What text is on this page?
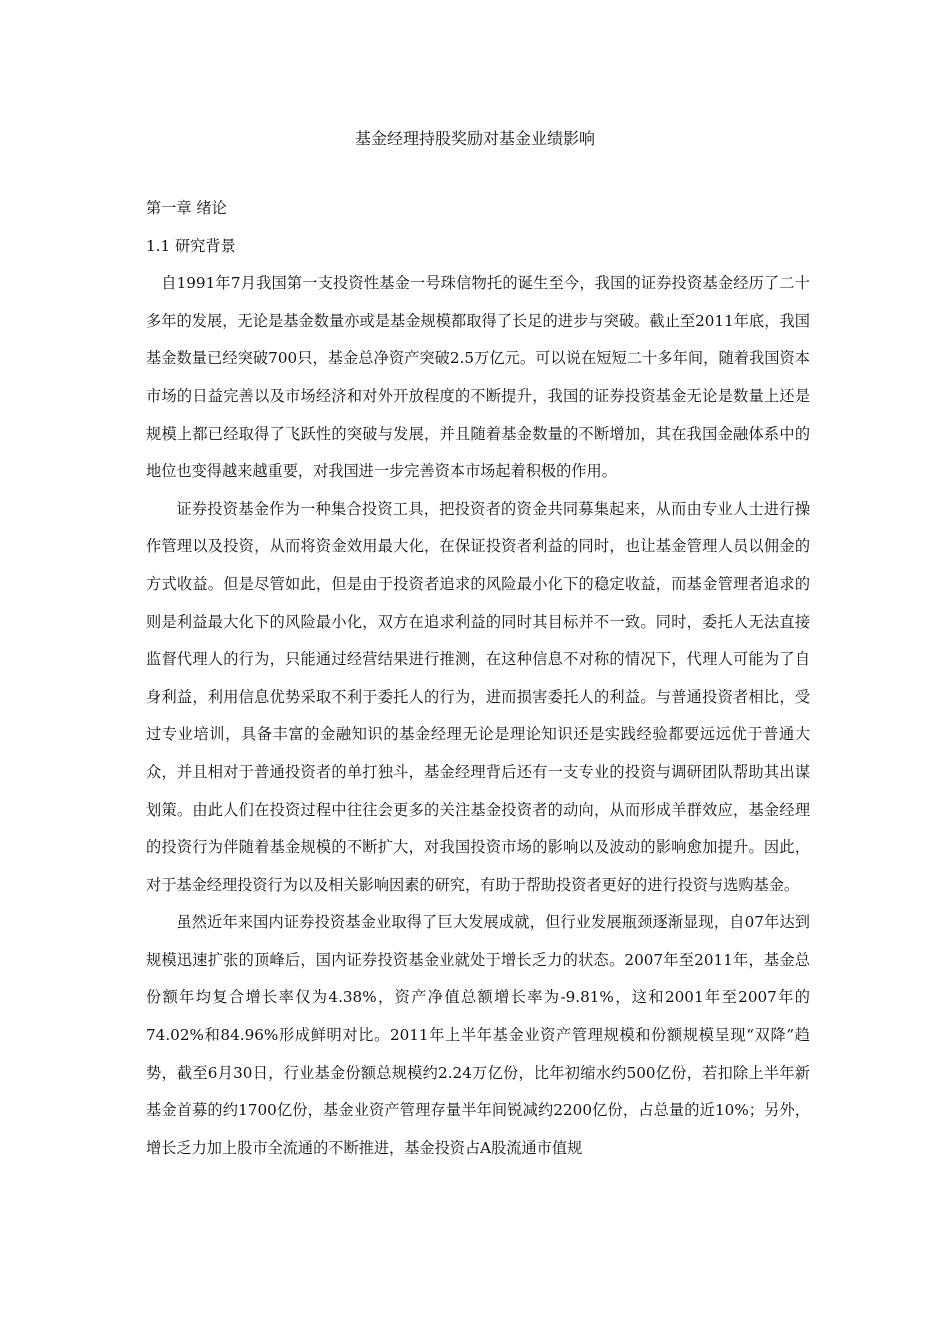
基金经理持股奖励对基金业绩影响
第一章 绪论
1.1 研究背景

自1991年7月我国第一支投资性基金一号珠信物托的诞生至今，我国的证券投资基金经历了二十多年的发展，无论是基金数量亦或是基金规模都取得了长足的进步与突破。截止至2011年底，我国基金数量已经突破700只，基金总净资产突破2.5万亿元。可以说在短短二十多年间，随着我国资本市场的日益完善以及市场经济和对外开放程度的不断提升，我国的证券投资基金无论是数量上还是规模上都已经取得了飞跃性的突破与发展，并且随着基金数量的不断增加，其在我国金融体系中的地位也变得越来越重要，对我国进一步完善资本市场起着积极的作用。

证券投资基金作为一种集合投资工具，把投资者的资金共同募集起来，从而由专业人士进行操作管理以及投资，从而将资金效用最大化，在保证投资者利益的同时，也让基金管理人员以佣金的方式收益。但是尽管如此，但是由于投资者追求的风险最小化下的稳定收益，而基金管理者追求的则是利益最大化下的风险最小化，双方在追求利益的同时其目标并不一致。同时，委托人无法直接监督代理人的行为，只能通过经营结果进行推测，在这种信息不对称的情况下，代理人可能为了自身利益，利用信息优势采取不利于委托人的行为，进而损害委托人的利益。与普通投资者相比，受过专业培训，具备丰富的金融知识的基金经理无论是理论知识还是实践经验都要远远优于普通大众，并且相对于普通投资者的单打独斗，基金经理背后还有一支专业的投资与调研团队帮助其出谋划策。由此人们在投资过程中往往会更多的关注基金投资者的动向，从而形成羊群效应，基金经理的投资行为伴随着基金规模的不断扩大，对我国投资市场的影响以及波动的影响愈加提升。因此，对于基金经理投资行为以及相关影响因素的研究，有助于帮助投资者更好的进行投资与选购基金。

虽然近年来国内证券投资基金业取得了巨大发展成就，但行业发展瓶颈逐渐显现，自07年达到规模迅速扩张的顶峰后，国内证券投资基金业就处于增长乏力的状态。2007年至2011年，基金总份额年均复合增长率仅为4.38%，资产净值总额增长率为-9.81%，这和2001年至2007年的74.02%和84.96%形成鲜明对比。2011年上半年基金业资产管理规模和份额规模呈现“双降”趋势，截至6月30日，行业基金份额总规模约2.24万亿份，比年初缩水约500亿份，若扣除上半年新基金首募的约1700亿份，基金业资产管理存量半年间锐减约2200亿份，占总量的近10%；另外，增长乏力加上股市全流通的不断推进，基金投资占A股流通市值规
